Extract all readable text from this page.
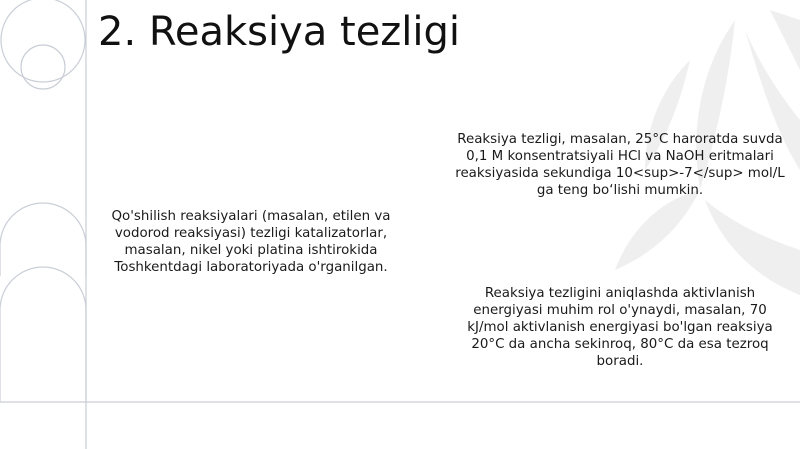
2. Reaksiya tezligi

Reaksiya tezligi, masalan, 25°C haroratda suvda
0,1 M konsentratsiyali HCl va NaOH eritmalari
reaksiyasida sekundiga 10<sup>-7</sup> mol/L
ga teng bo‘lishi mumkin.

Qo'shilish reaksiyalari (masalan, etilen va
vodorod reaksiyasi) tezligi katalizatorlar,
masalan, nikel yoki platina ishtirokida
Toshkentdagi laboratoriyada o'rganilgan.

Reaksiya tezligini aniqlashda aktivlanish
energiyasi muhim rol o'ynaydi, masalan, 70
kJ/mol aktivlanish energiyasi bo'lgan reaksiya
20°C da ancha sekinroq, 80°C da esa tezroq
boradi.
